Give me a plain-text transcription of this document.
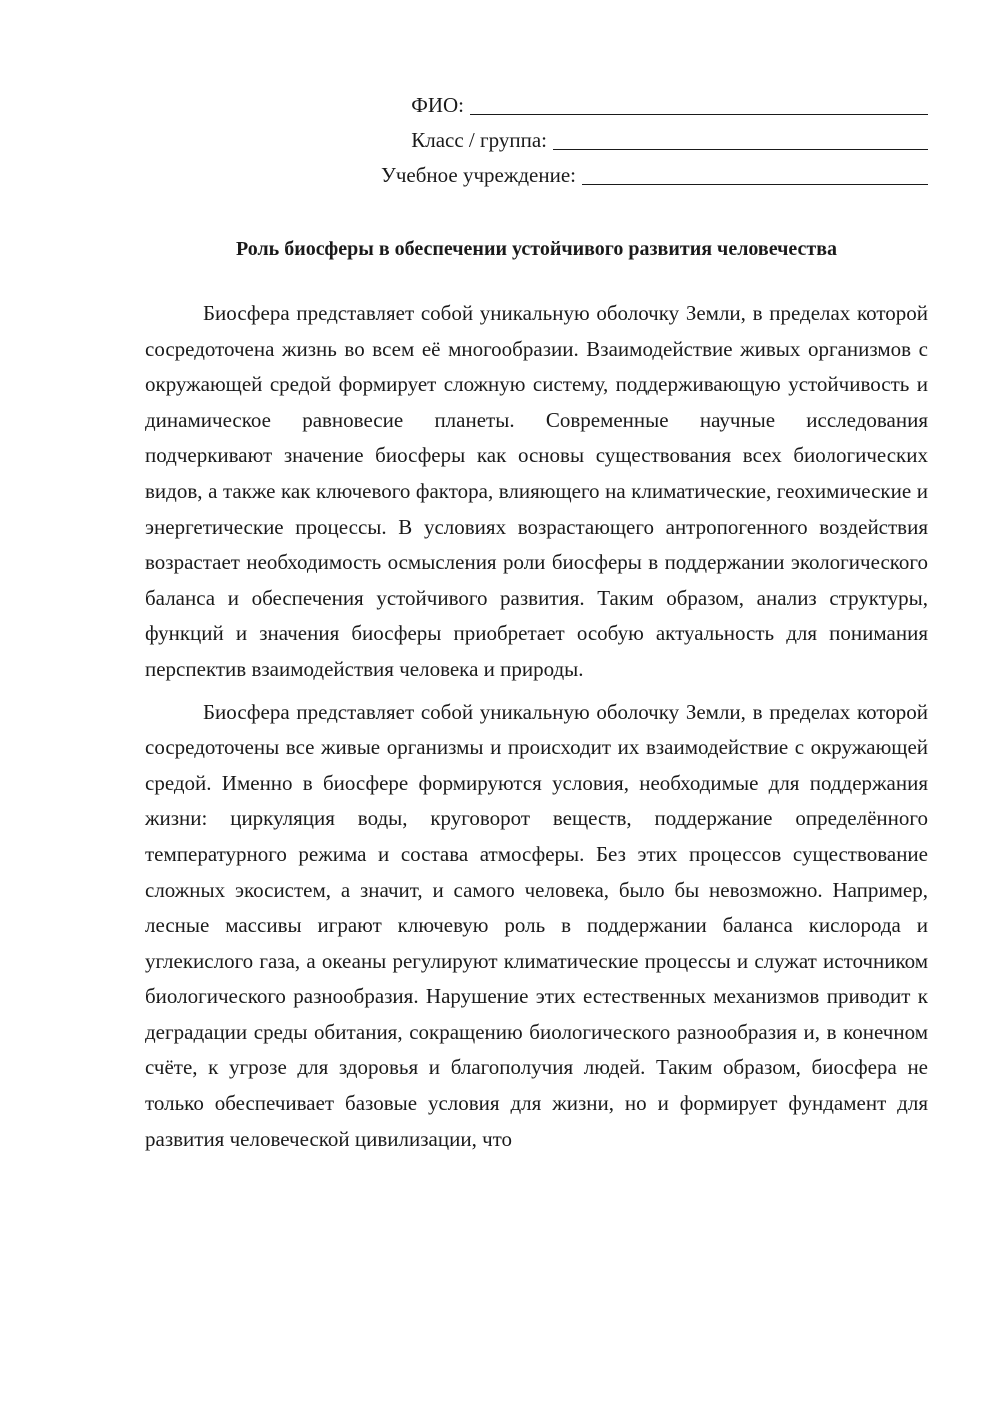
ФИО:
Класс / группа:
Учебное учреждение:
Роль биосферы в обеспечении устойчивого развития человечества

Биосфера представляет собой уникальную оболочку Земли, в пределах которой сосредоточена жизнь во всем её многообразии. Взаимодействие живых организмов с окружающей средой формирует сложную систему, поддерживающую устойчивость и динамическое равновесие планеты. Современные научные исследования подчеркивают значение биосферы как основы существования всех биологических видов, а также как ключевого фактора, влияющего на климатические, геохимические и энергетические процессы. В условиях возрастающего антропогенного воздействия возрастает необходимость осмысления роли биосферы в поддержании экологического баланса и обеспечения устойчивого развития. Таким образом, анализ структуры, функций и значения биосферы приобретает особую актуальность для понимания перспектив взаимодействия человека и природы.

Биосфера представляет собой уникальную оболочку Земли, в пределах которой сосредоточены все живые организмы и происходит их взаимодействие с окружающей средой. Именно в биосфере формируются условия, необходимые для поддержания жизни: циркуляция воды, круговорот веществ, поддержание определённого температурного режима и состава атмосферы. Без этих процессов существование сложных экосистем, а значит, и самого человека, было бы невозможно. Например, лесные массивы играют ключевую роль в поддержании баланса кислорода и углекислого газа, а океаны регулируют климатические процессы и служат источником биологического разнообразия. Нарушение этих естественных механизмов приводит к деградации среды обитания, сокращению биологического разнообразия и, в конечном счёте, к угрозе для здоровья и благополучия людей. Таким образом, биосфера не только обеспечивает базовые условия для жизни, но и формирует фундамент для развития человеческой цивилизации, что
